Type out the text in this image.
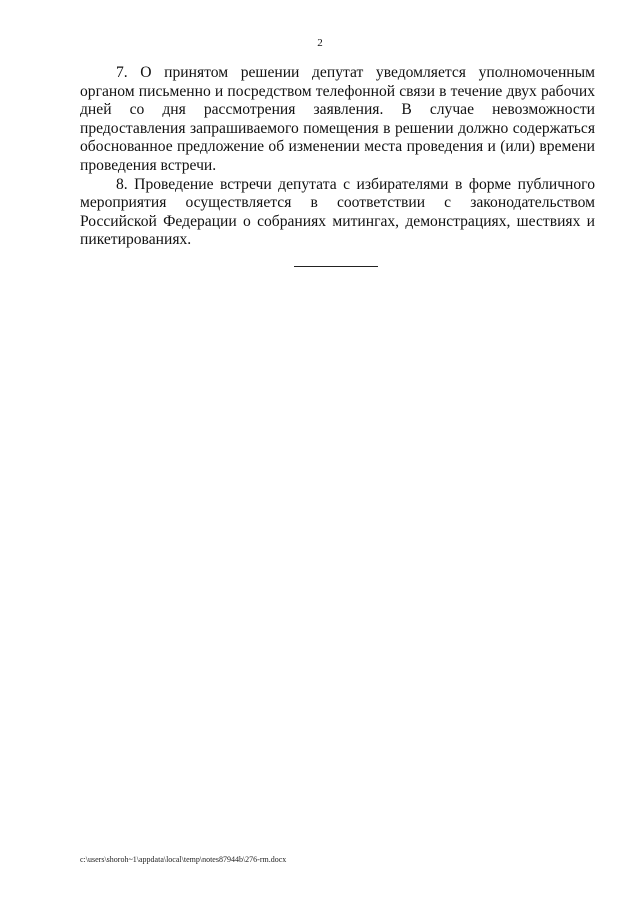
2

7. О принятом решении депутат уведомляется уполномоченным органом письменно и посредством телефонной связи в течение двух рабочих дней со дня рассмотрения заявления. В случае невозможности предоставления запрашиваемого помещения в решении должно содержаться обоснованное предложение об изменении места проведения и (или) времени проведения встречи.

8. Проведение встречи депутата с избирателями в форме публичного мероприятия осуществляется в соответствии с законодательством Российской Федерации о собраниях митингах, демонстрациях, шествиях и пикетированиях.

c:\users\shoroh~1\appdata\local\temp\notes87944b\276-rm.docx
